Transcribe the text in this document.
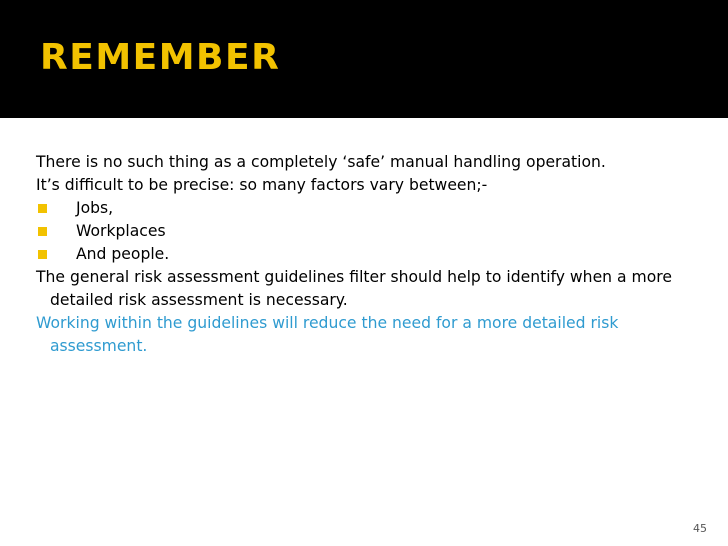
REMEMBER

There is no such thing as a completely ‘safe’ manual handling operation.

It’s difficult to be precise: so many factors vary between;-

Jobs,

Workplaces

And people.

The general risk assessment guidelines filter should help to identify when a more detailed risk assessment is necessary.

Working within the guidelines will reduce the need for a more detailed risk assessment.

45
